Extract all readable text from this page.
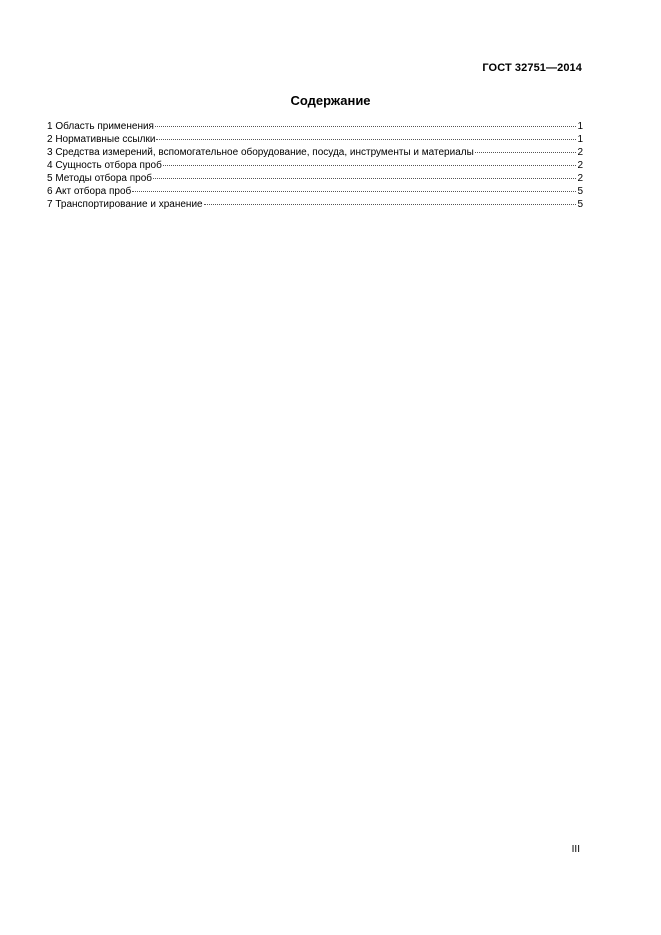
ГОСТ 32751—2014
Содержание
1 Область применения	1
2 Нормативные ссылки	1
3 Средства измерений, вспомогательное оборудование, посуда, инструменты и материалы	2
4 Сущность отбора проб	2
5 Методы отбора проб	2
6 Акт отбора проб	5
7 Транспортирование и хранение	5
III
